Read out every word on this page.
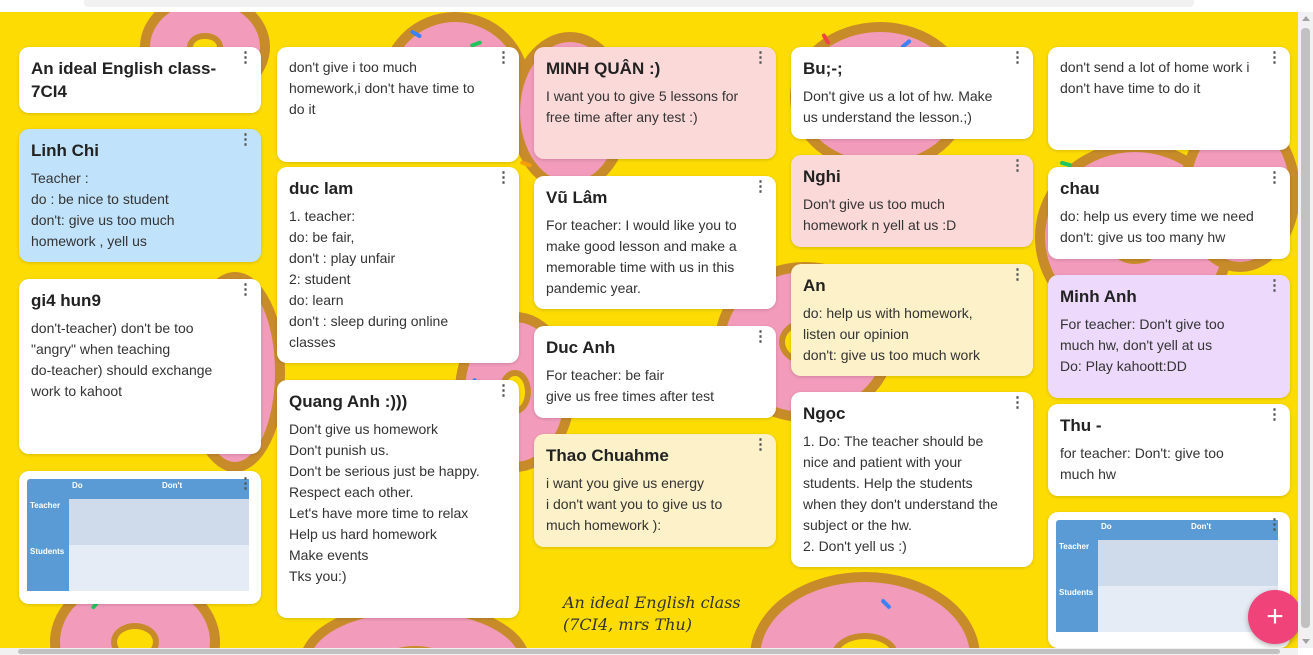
⋮
An ideal English class-
7CI4
⋮
Linh Chi

Teacher :
do : be nice to student
don't: give us too much homework , yell us

⋮
gi4 hun9

don't-teacher) don't be too "angry" when teaching
do-teacher) should exchange work to kahoot

⋮
Do	Don't
Teacher
Students
⋮

don't give i too much homework,i don't have time to do it

⋮
duc lam

1. teacher:
do: be fair,
don't : play unfair
2: student
do: learn
don't : sleep during online classes

⋮
Quang Anh :)))

Don't give us homework
Don't punish us.
Don't be serious just be happy.
Respect each other.
Let's have more time to relax
Help us hard homework
Make events
Tks you:)

⋮
MINH QUÂN :)

I want you to give 5 lessons for free time after any test :)

⋮
Vũ Lâm

For teacher: I would like you to make good lesson and make a memorable time with us in this pandemic year.

⋮
Duc Anh

For teacher: be fair
give us free times after test

⋮
Thao Chuahme

i want you give us energy
i don't want you to give us to much homework ):

An ideal English class
(7CI4, mrs Thu)
⋮
Bu;-;

Don't give us a lot of hw. Make us understand the lesson.;)

⋮
Nghi

Don't give us too much homework n yell at us :D

⋮
An

do: help us with homework, listen our opinion
don't: give us too much work

⋮
Ngọc

1. Do: The teacher should be nice and patient with your students. Help the students when they don't understand the subject or the hw.
2. Don't yell us :)

⋮

don't send a lot of home work i don't have time to do it

⋮
chau

do: help us every time we need
don't: give us too many hw

⋮
Minh Anh

For teacher: Don't give too much hw, don't yell at us
Do: Play kahoott:DD

⋮
Thu -

for teacher: Don't: give too much hw

⋮
Do	Don't
Teacher
Students
+
